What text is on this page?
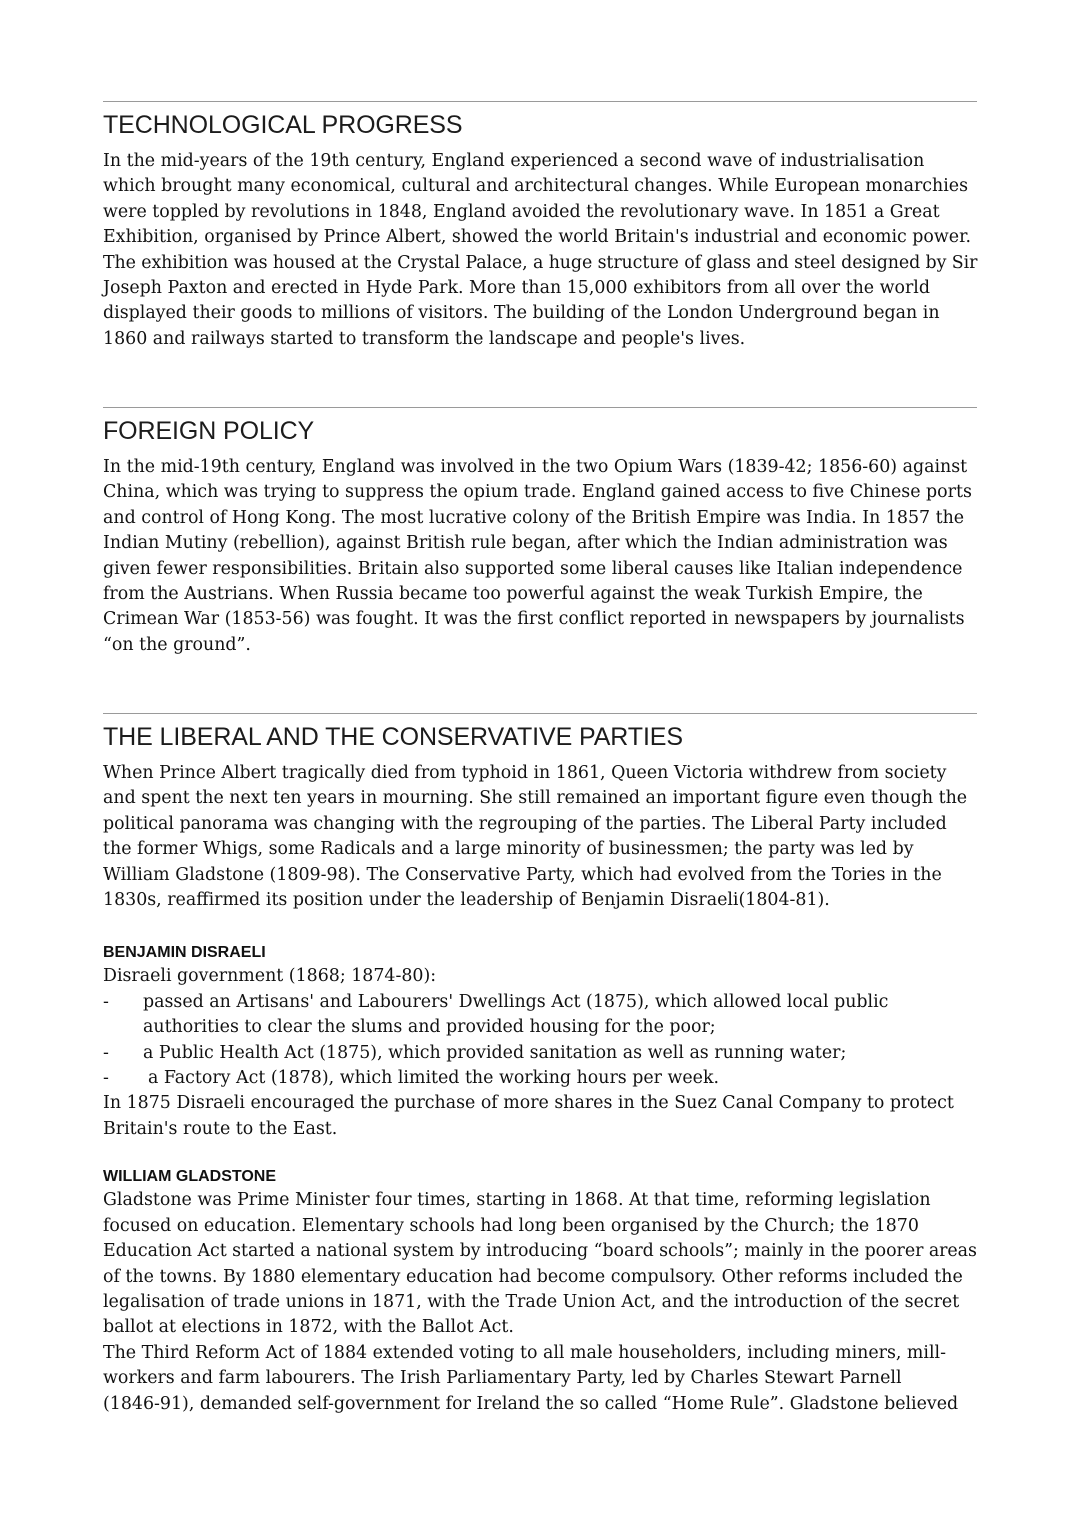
TECHNOLOGICAL PROGRESS

In the mid-years of the 19th century, England experienced a second wave of industrialisation
which brought many economical, cultural and architectural changes. While European monarchies
were toppled by revolutions in 1848, England avoided the revolutionary wave. In 1851 a Great
Exhibition, organised by Prince Albert, showed the world Britain's industrial and economic power.
The exhibition was housed at the Crystal Palace, a huge structure of glass and steel designed by Sir
Joseph Paxton and erected in Hyde Park. More than 15,000 exhibitors from all over the world
displayed their goods to millions of visitors. The building of the London Underground began in
1860 and railways started to transform the landscape and people's lives.

FOREIGN POLICY

In the mid-19th century, England was involved in the two Opium Wars (1839-42; 1856-60) against
China, which was trying to suppress the opium trade. England gained access to five Chinese ports
and control of Hong Kong. The most lucrative colony of the British Empire was India. In 1857 the
Indian Mutiny (rebellion), against British rule began, after which the Indian administration was
given fewer responsibilities. Britain also supported some liberal causes like Italian independence
from the Austrians. When Russia became too powerful against the weak Turkish Empire, the
Crimean War (1853-56) was fought. It was the first conflict reported in newspapers by journalists
“on the ground”.

THE LIBERAL AND THE CONSERVATIVE PARTIES

When Prince Albert tragically died from typhoid in 1861, Queen Victoria withdrew from society
and spent the next ten years in mourning. She still remained an important figure even though the
political panorama was changing with the regrouping of the parties. The Liberal Party included
the former Whigs, some Radicals and a large minority of businessmen; the party was led by
William Gladstone (1809-98). The Conservative Party, which had evolved from the Tories in the
1830s, reaffirmed its position under the leadership of Benjamin Disraeli(1804-81).

BENJAMIN DISRAELI

Disraeli government (1868; 1874-80):
- passed an Artisans' and Labourers' Dwellings Act (1875), which allowed local public
authorities to clear the slums and provided housing for the poor;
- a Public Health Act (1875), which provided sanitation as well as running water;
- a Factory Act (1878), which limited the working hours per week.
In 1875 Disraeli encouraged the purchase of more shares in the Suez Canal Company to protect
Britain's route to the East.

WILLIAM GLADSTONE

Gladstone was Prime Minister four times, starting in 1868. At that time, reforming legislation
focused on education. Elementary schools had long been organised by the Church; the 1870
Education Act started a national system by introducing “board schools”; mainly in the poorer areas
of the towns. By 1880 elementary education had become compulsory. Other reforms included the
legalisation of trade unions in 1871, with the Trade Union Act, and the introduction of the secret
ballot at elections in 1872, with the Ballot Act.
The Third Reform Act of 1884 extended voting to all male householders, including miners, mill-
workers and farm labourers. The Irish Parliamentary Party, led by Charles Stewart Parnell
(1846-91), demanded self-government for Ireland the so called “Home Rule”. Gladstone believed
